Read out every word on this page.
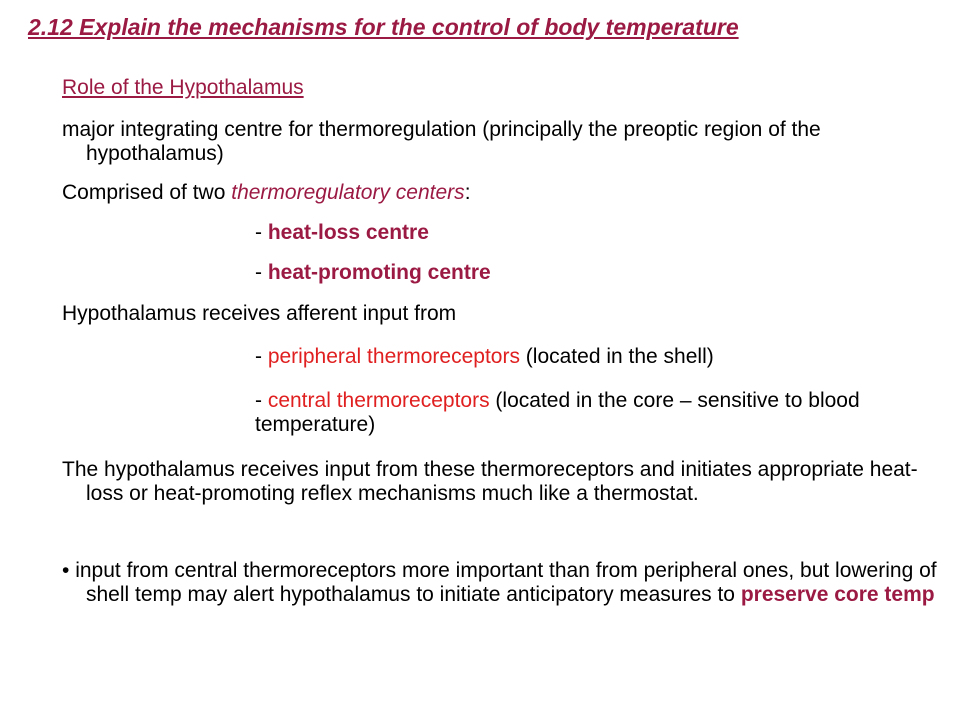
2.12 Explain the mechanisms for the control of body temperature
Role of the Hypothalamus
major integrating centre for thermoregulation (principally the preoptic region of the hypothalamus)
Comprised of two thermoregulatory centers:
- heat-loss centre
- heat-promoting centre
Hypothalamus receives afferent input from
- peripheral thermoreceptors (located in the shell)
- central thermoreceptors (located in the core – sensitive to blood temperature)
The hypothalamus receives input from these thermoreceptors and initiates appropriate heat-loss or heat-promoting reflex mechanisms much like a thermostat.
• input from central thermoreceptors more important than from peripheral ones, but lowering of shell temp may alert hypothalamus to initiate anticipatory measures to preserve core temp
